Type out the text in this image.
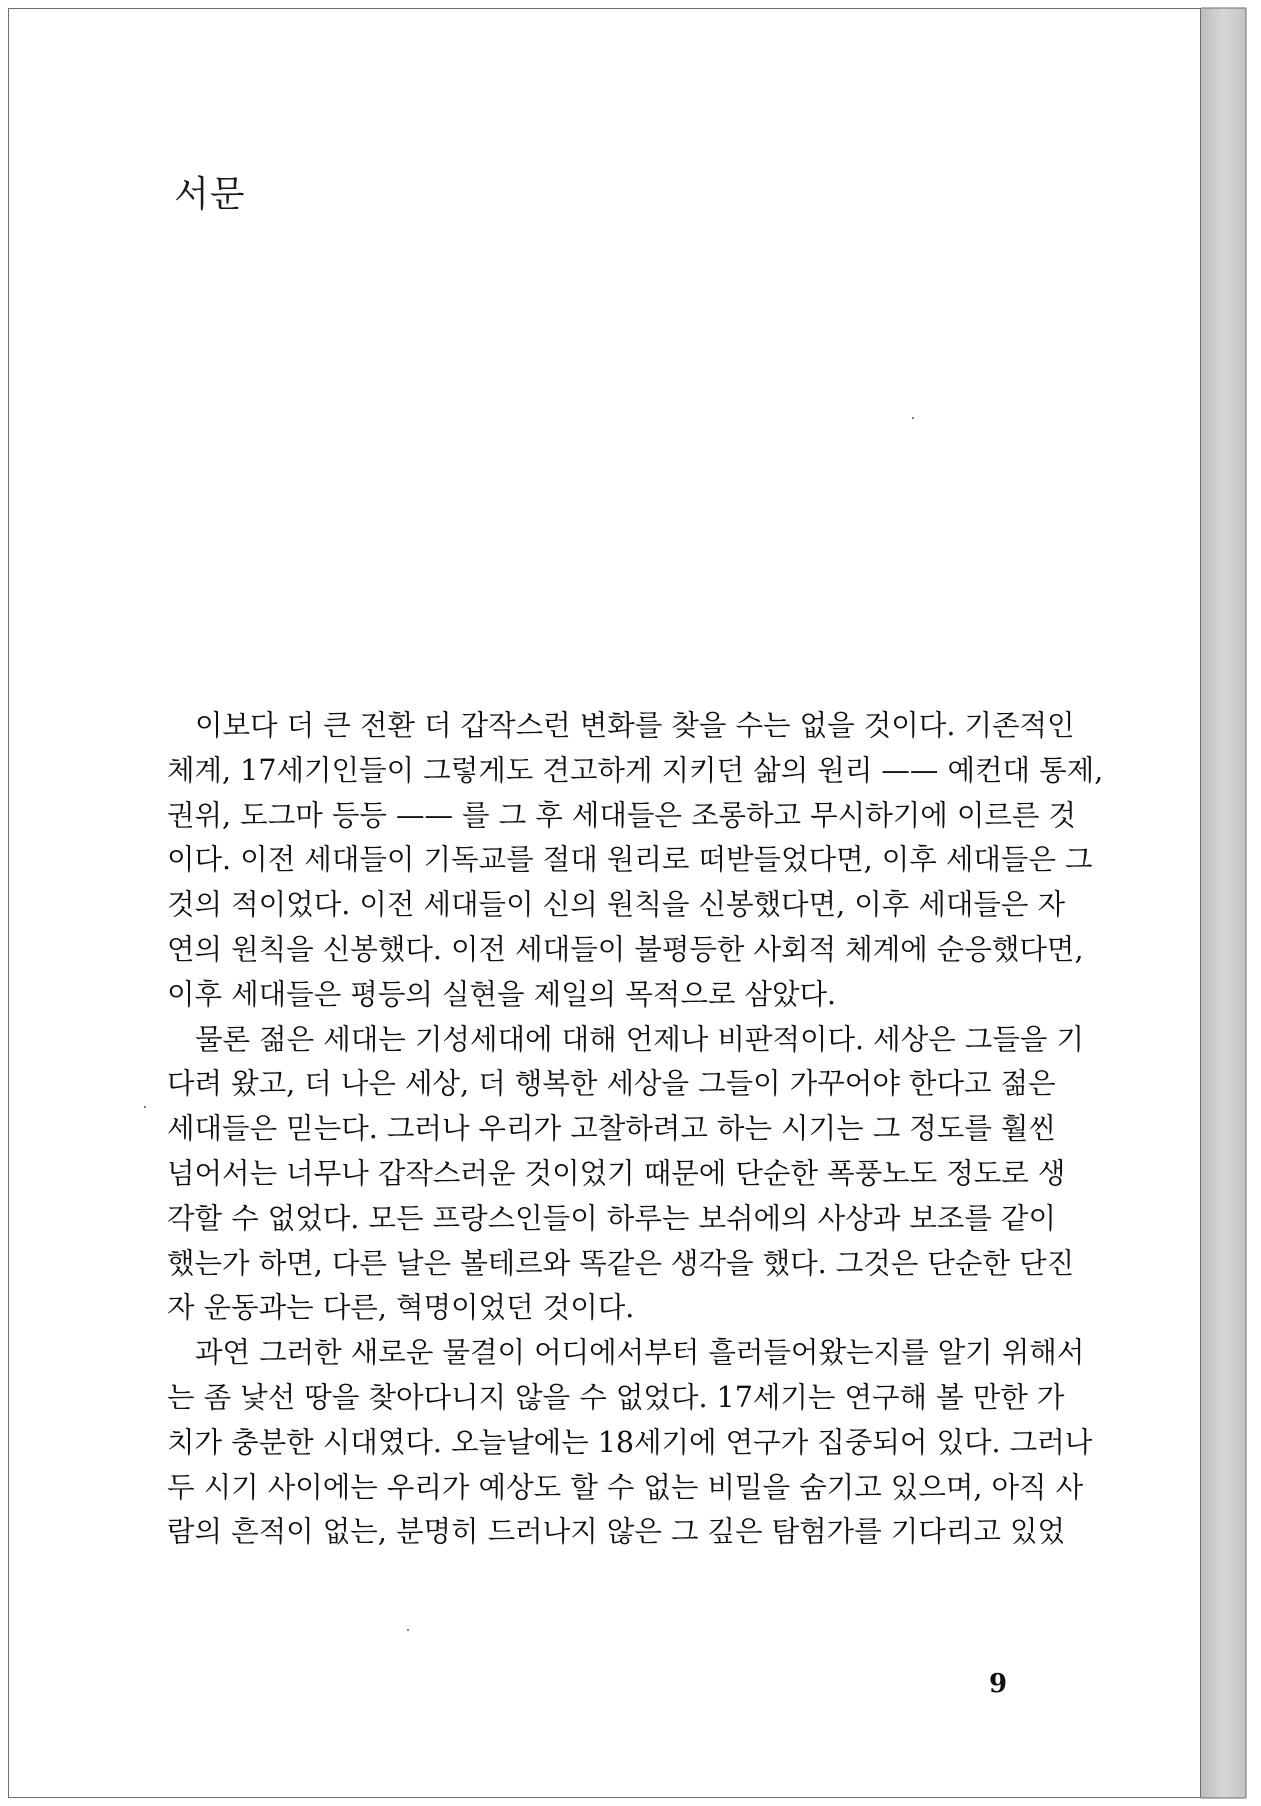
서문
이보다 더 큰 전환 더 갑작스런 변화를 찾을 수는 없을 것이다. 기존적인
체계, 17세기인들이 그렇게도 견고하게 지키던 삶의 원리 —— 예컨대 통제,
권위, 도그마 등등 —— 를 그 후 세대들은 조롱하고 무시하기에 이르른 것
이다. 이전 세대들이 기독교를 절대 원리로 떠받들었다면, 이후 세대들은 그
것의 적이었다. 이전 세대들이 신의 원칙을 신봉했다면, 이후 세대들은 자
연의 원칙을 신봉했다. 이전 세대들이 불평등한 사회적 체계에 순응했다면,
이후 세대들은 평등의 실현을 제일의 목적으로 삼았다.
물론 젊은 세대는 기성세대에 대해 언제나 비판적이다. 세상은 그들을 기
다려 왔고, 더 나은 세상, 더 행복한 세상을 그들이 가꾸어야 한다고 젊은
세대들은 믿는다. 그러나 우리가 고찰하려고 하는 시기는 그 정도를 훨씬
넘어서는 너무나 갑작스러운 것이었기 때문에 단순한 폭풍노도 정도로 생
각할 수 없었다. 모든 프랑스인들이 하루는 보쉬에의 사상과 보조를 같이
했는가 하면, 다른 날은 볼테르와 똑같은 생각을 했다. 그것은 단순한 단진
자 운동과는 다른, 혁명이었던 것이다.
과연 그러한 새로운 물결이 어디에서부터 흘러들어왔는지를 알기 위해서
는 좀 낯선 땅을 찾아다니지 않을 수 없었다. 17세기는 연구해 볼 만한 가
치가 충분한 시대였다. 오늘날에는 18세기에 연구가 집중되어 있다. 그러나
두 시기 사이에는 우리가 예상도 할 수 없는 비밀을 숨기고 있으며, 아직 사
람의 흔적이 없는, 분명히 드러나지 않은 그 깊은 탐험가를 기다리고 있었
9
